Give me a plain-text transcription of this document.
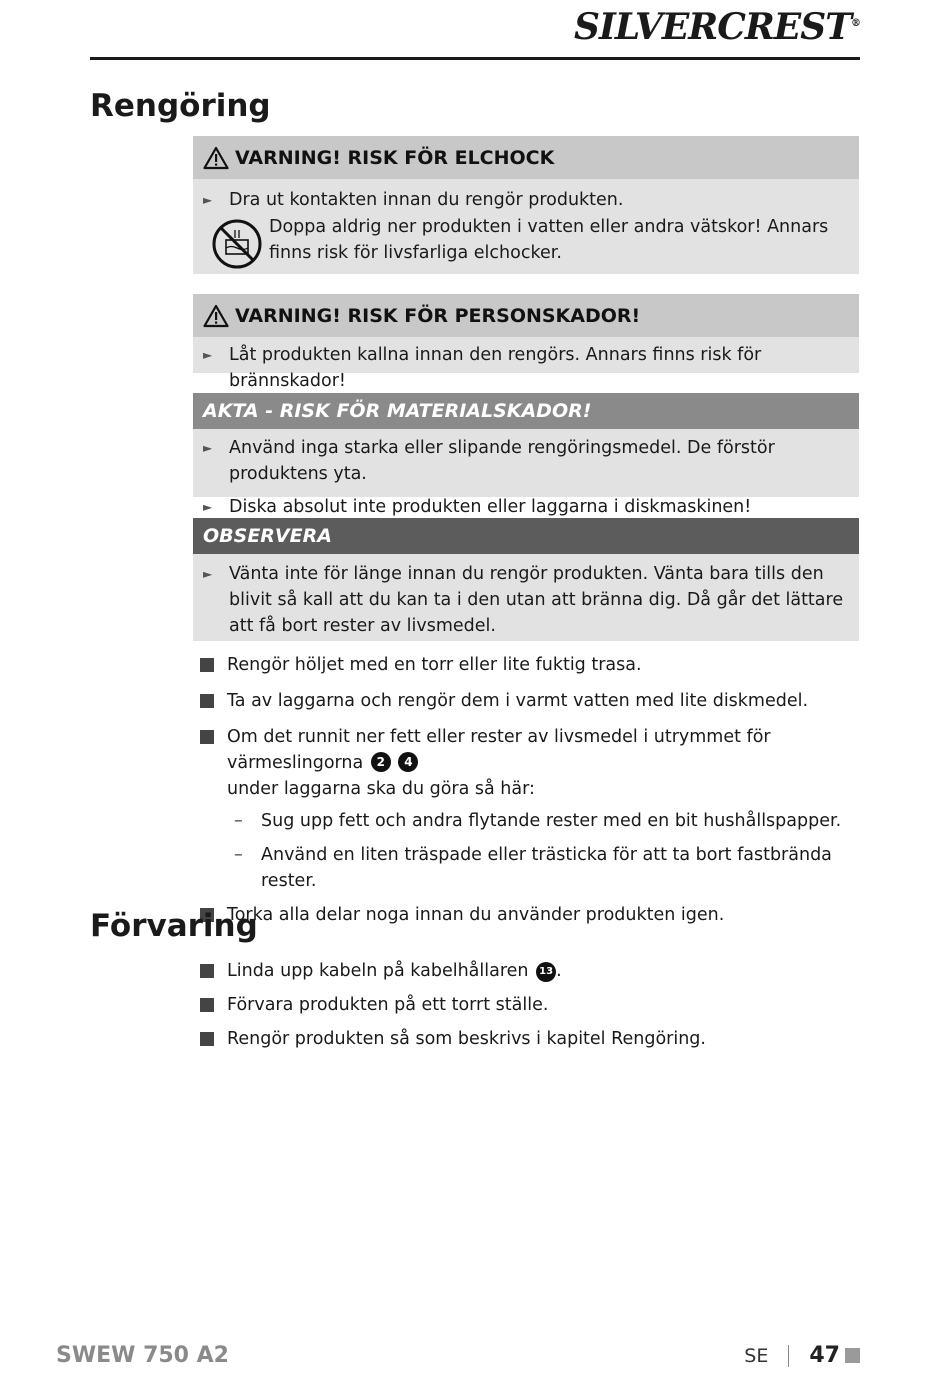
SILVERCREST®
Rengöring
VARNING! RISK FÖR ELCHOCK
► Dra ut kontakten innan du rengör produkten.
Doppa aldrig ner produkten i vatten eller andra vätskor! Annars finns risk för livsfarliga elchocker.
VARNING! RISK FÖR PERSONSKADOR!
► Låt produkten kallna innan den rengörs. Annars finns risk för brännskador!
AKTA - RISK FÖR MATERIALSKADOR!
► Använd inga starka eller slipande rengöringsmedel. De förstör produktens yta.
► Diska absolut inte produkten eller laggarna i diskmaskinen!
OBSERVERA
► Vänta inte för länge innan du rengör produkten. Vänta bara tills den blivit så kall att du kan ta i den utan att bränna dig. Då går det lättare att få bort rester av livsmedel.
Rengör höljet med en torr eller lite fuktig trasa.
Ta av laggarna och rengör dem i varmt vatten med lite diskmedel.
Om det runnit ner fett eller rester av livsmedel i utrymmet för värmeslingorna 2 4
under laggarna ska du göra så här:
–	Sug upp fett och andra flytande rester med en bit hushållspapper.
–	Använd en liten träspade eller trästicka för att ta bort fastbrända rester.
Torka alla delar noga innan du använder produkten igen.
Förvaring
Linda upp kabeln på kabelhållaren 13 .
Förvara produkten på ett torrt ställe.
Rengör produkten så som beskrivs i kapitel Rengöring.
SWEW 750 A2	SE 47
